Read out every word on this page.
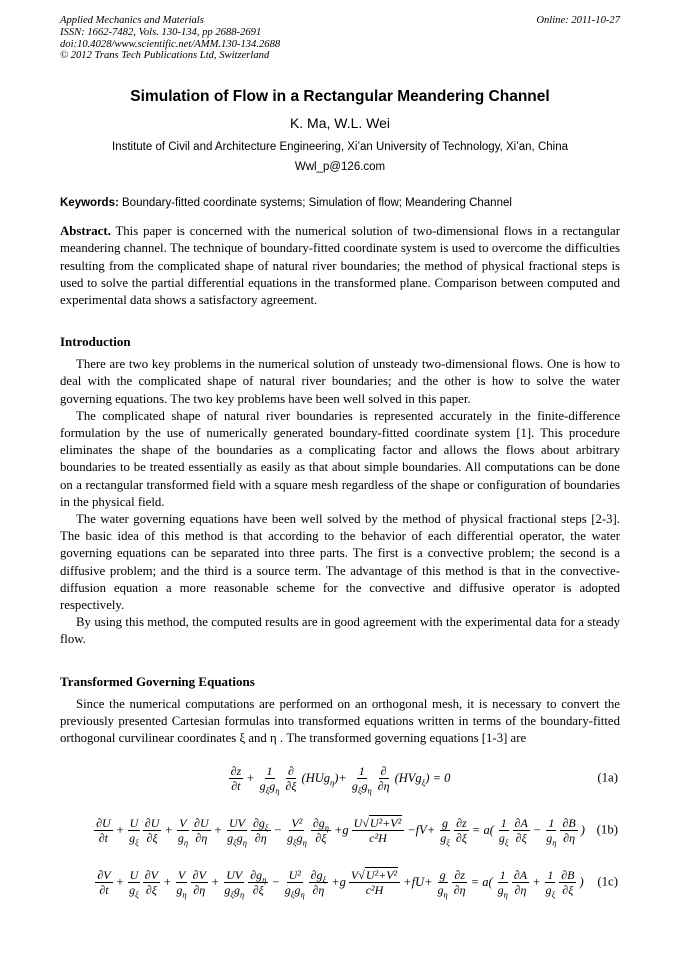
Applied Mechanics and Materials
ISSN: 1662-7482, Vols. 130-134, pp 2688-2691
doi:10.4028/www.scientific.net/AMM.130-134.2688
© 2012 Trans Tech Publications Ltd, Switzerland
Online: 2011-10-27
Simulation of Flow in a Rectangular Meandering Channel
K. Ma, W.L. Wei
Institute of Civil and Architecture Engineering, Xi’an University of Technology, Xi’an, China
Wwl_p@126.com

Keywords: Boundary-fitted coordinate systems; Simulation of flow; Meandering Channel

Abstract. This paper is concerned with the numerical solution of two-dimensional flows in a rectangular meandering channel. The technique of boundary-fitted coordinate system is used to overcome the difficulties resulting from the complicated shape of natural river boundaries; the method of physical fractional steps is used to solve the partial differential equations in the transformed plane. Comparison between computed and experimental data shows a satisfactory agreement.

Introduction

There are two key problems in the numerical solution of unsteady two-dimensional flows. One is how to deal with the complicated shape of natural river boundaries; and the other is how to solve the water governing equations. The two key problems have been well solved in this paper.

The complicated shape of natural river boundaries is represented accurately in the finite-difference formulation by the use of numerically generated boundary-fitted coordinate system [1]. This procedure eliminates the shape of the boundaries as a complicating factor and allows the flows about arbitrary boundaries to be treated essentially as easily as that about simple boundaries. All computations can be done on a rectangular transformed field with a square mesh regardless of the shape or configuration of boundaries in the physical field.

The water governing equations have been well solved by the method of physical fractional steps [2-3]. The basic idea of this method is that according to the behavior of each differential operator, the water governing equations can be separated into three parts. The first is a convective problem; the second is a diffusive problem; and the third is a source term. The advantage of this method is that in the convective-diffusion equation a more reasonable scheme for the convective and diffusive operator is adopted respectively.

By using this method, the computed results are in good agreement with the experimental data for a steady flow.

Transformed Governing Equations

Since the numerical computations are performed on an orthogonal mesh, it is necessary to convert the previously presented Cartesian formulas into transformed equations written in terms of the boundary-fitted orthogonal curvilinear coordinates ξ and η . The transformed governing equations [1-3] are

$\frac{\partial z}{\partial t} + \frac{1}{g_\xi g_\eta} \frac{\partial}{\partial\xi} (HUg_\eta)+ \frac{1}{g_\xi g_\eta} \frac{\partial}{\partial\eta} (HVg_\xi) = 0$	(1a)
$\frac{\partial U}{\partial t} + \frac{U}{g_\xi} \frac{\partial U}{\partial\xi} + \frac{V}{g_\eta} \frac{\partial U}{\partial\eta} + \frac{UV}{g_\xi g_\eta} \frac{\partial g_\xi}{\partial\eta} - \frac{\text{V²}}{g_\xi g_\eta} \frac{\partial g_\eta}{\partial\xi} +g \frac{\text{U√U²+V²}}{\text{c²H}} -fV+ \frac{g}{g_\xi} \frac{\partial z}{\partial\xi} = a( \frac{1}{g_\xi} \frac{\partial A}{\partial\xi} - \frac{1}{g_\eta} \frac{\partial B}{\partial\eta}$ ) (1b)
$\frac{\partial V}{\partial t} + \frac{U}{g_\xi} \frac{\partial V}{\partial\xi} + \frac{V}{g_\eta} \frac{\partial V}{\partial\eta} + \frac{UV}{g_\xi g_\eta} \frac{\partial g_\eta}{\partial\xi} - \frac{\text{U²}}{g_\xi g_\eta} \frac{\partial g_\xi}{\partial\eta} +g \frac{\text{V√U²+V²}}{\text{c²H}} +fU+ \frac{g}{g_\eta} \frac{\partial z}{\partial\eta} = a( \frac{1}{g_\eta} \frac{\partial A}{\partial\eta} + \frac{1}{g_\xi} \frac{\partial B}{\partial\xi}$ ) (1c)
